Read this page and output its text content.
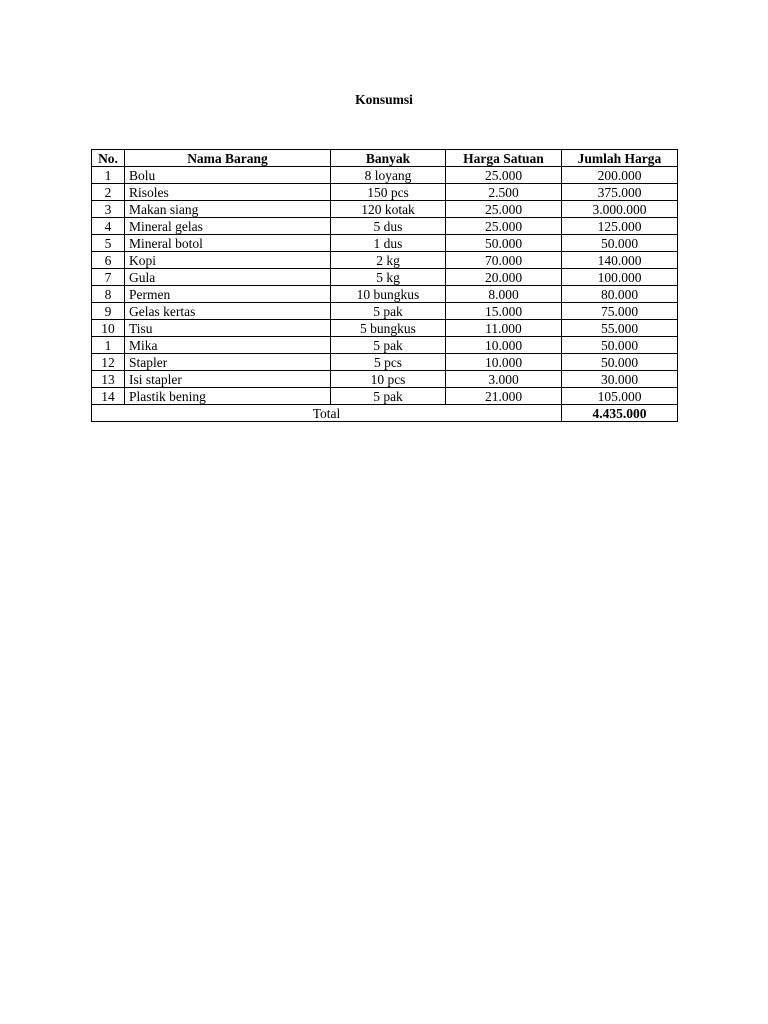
Konsumsi
No.	Nama Barang	Banyak	Harga Satuan	Jumlah Harga
1	Bolu	8 loyang	25.000	200.000
2	Risoles	150 pcs	2.500	375.000
3	Makan siang	120 kotak	25.000	3.000.000
4	Mineral gelas	5 dus	25.000	125.000
5	Mineral botol	1 dus	50.000	50.000
6	Kopi	2 kg	70.000	140.000
7	Gula	5 kg	20.000	100.000
8	Permen	10 bungkus	8.000	80.000
9	Gelas kertas	5 pak	15.000	75.000
10	Tisu	5 bungkus	11.000	55.000
1	Mika	5 pak	10.000	50.000
12	Stapler	5 pcs	10.000	50.000
13	Isi stapler	10 pcs	3.000	30.000
14	Plastik bening	5 pak	21.000	105.000
Total				4.435.000
